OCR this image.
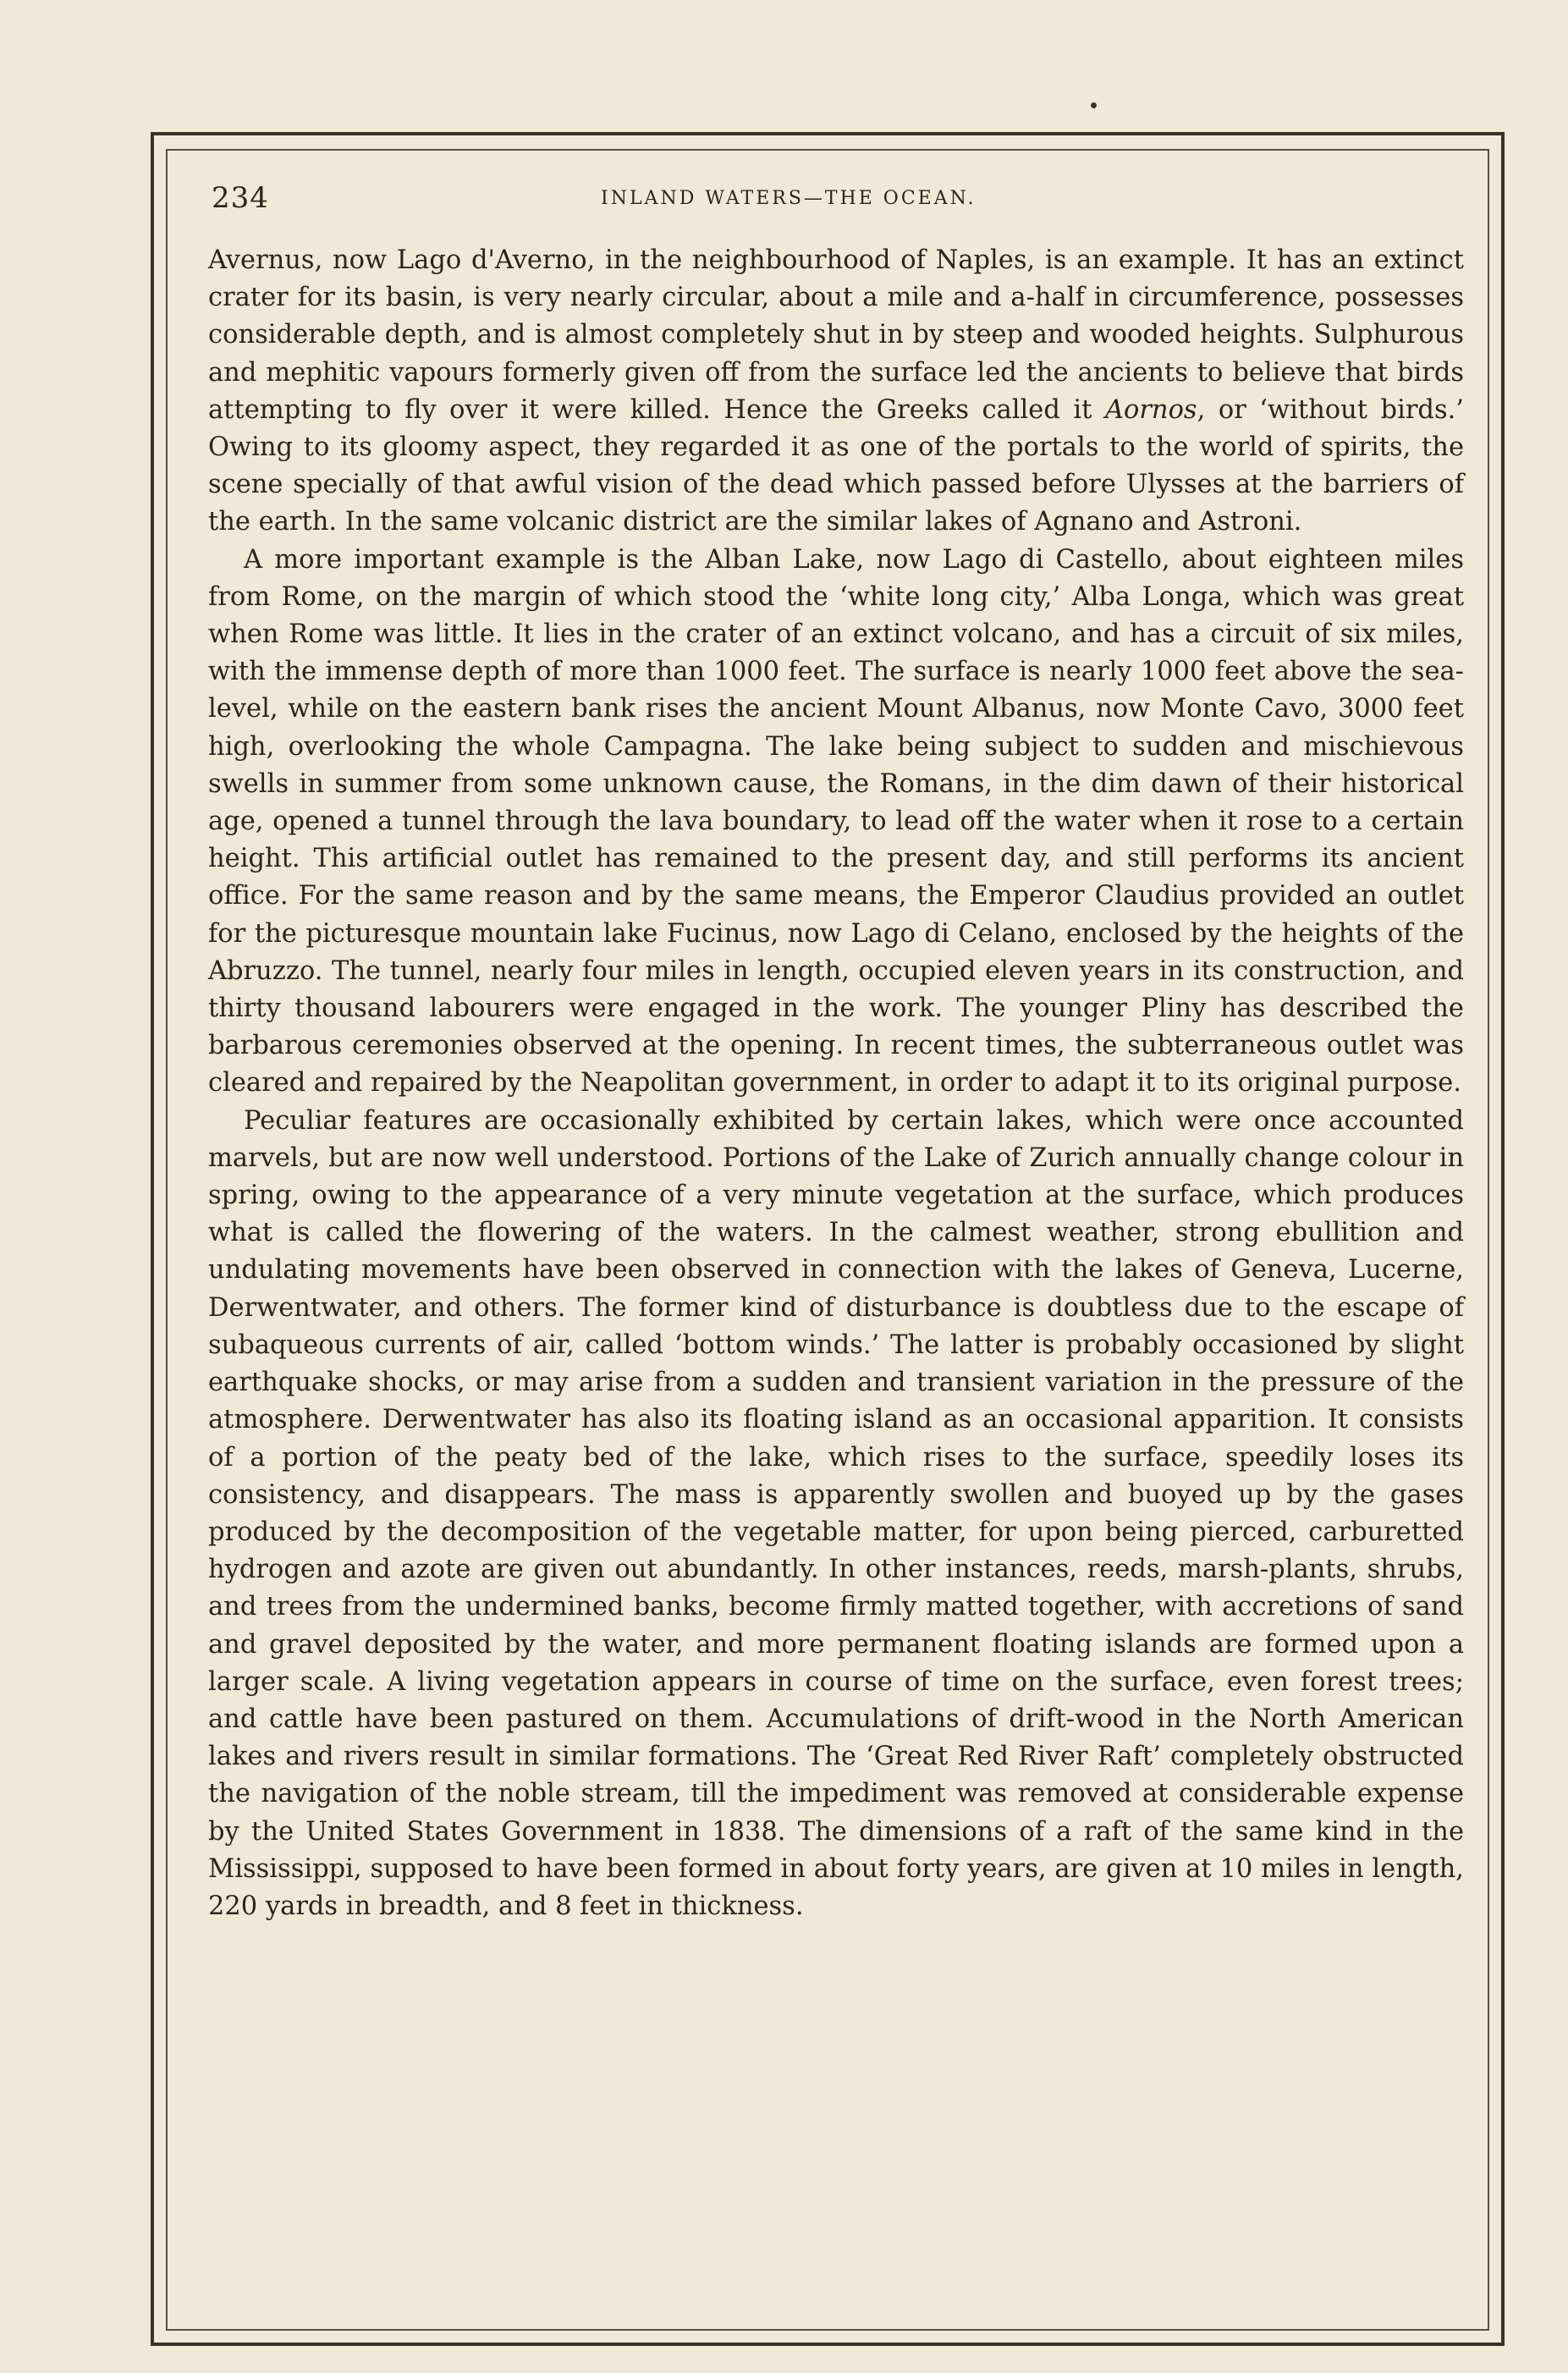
234	INLAND WATERS—THE OCEAN.

Avernus, now Lago d'Averno, in the neighbourhood of Naples, is an example. It has an extinct crater for its basin, is very nearly circular, about a mile and a-half in circumference, possesses considerable depth, and is almost completely shut in by steep and wooded heights. Sulphurous and mephitic vapours formerly given off from the surface led the ancients to believe that birds attempting to fly over it were killed. Hence the Greeks called it Aornos, or ‘without birds.’ Owing to its gloomy aspect, they regarded it as one of the portals to the world of spirits, the scene specially of that awful vision of the dead which passed before Ulysses at the barriers of the earth. In the same volcanic district are the similar lakes of Agnano and Astroni.

A more important example is the Alban Lake, now Lago di Castello, about eighteen miles from Rome, on the margin of which stood the ‘white long city,’ Alba Longa, which was great when Rome was little. It lies in the crater of an extinct volcano, and has a circuit of six miles, with the immense depth of more than 1000 feet. The surface is nearly 1000 feet above the sea-level, while on the eastern bank rises the ancient Mount Albanus, now Monte Cavo, 3000 feet high, overlooking the whole Campagna. The lake being subject to sudden and mischievous swells in summer from some unknown cause, the Romans, in the dim dawn of their historical age, opened a tunnel through the lava boundary, to lead off the water when it rose to a certain height. This artificial outlet has remained to the present day, and still performs its ancient office. For the same reason and by the same means, the Emperor Claudius provided an outlet for the picturesque mountain lake Fucinus, now Lago di Celano, enclosed by the heights of the Abruzzo. The tunnel, nearly four miles in length, occupied eleven years in its construction, and thirty thousand labourers were engaged in the work. The younger Pliny has described the barbarous ceremonies observed at the opening. In recent times, the subterraneous outlet was cleared and repaired by the Neapolitan government, in order to adapt it to its original purpose.

Peculiar features are occasionally exhibited by certain lakes, which were once accounted marvels, but are now well understood. Portions of the Lake of Zurich annually change colour in spring, owing to the appearance of a very minute vegetation at the surface, which produces what is called the flowering of the waters. In the calmest weather, strong ebullition and undulating movements have been observed in connection with the lakes of Geneva, Lucerne, Derwentwater, and others. The former kind of disturbance is doubtless due to the escape of subaqueous currents of air, called ‘bottom winds.’ The latter is probably occasioned by slight earthquake shocks, or may arise from a sudden and transient variation in the pressure of the atmosphere. Derwentwater has also its floating island as an occasional apparition. It consists of a portion of the peaty bed of the lake, which rises to the surface, speedily loses its consistency, and disappears. The mass is apparently swollen and buoyed up by the gases produced by the decomposition of the vegetable matter, for upon being pierced, carburetted hydrogen and azote are given out abundantly. In other instances, reeds, marsh-plants, shrubs, and trees from the undermined banks, become firmly matted together, with accretions of sand and gravel deposited by the water, and more permanent floating islands are formed upon a larger scale. A living vegetation appears in course of time on the surface, even forest trees; and cattle have been pastured on them. Accumulations of drift-wood in the North American lakes and rivers result in similar formations. The ‘Great Red River Raft’ completely obstructed the navigation of the noble stream, till the impediment was removed at considerable expense by the United States Government in 1838. The dimensions of a raft of the same kind in the Mississippi, supposed to have been formed in about forty years, are given at 10 miles in length, 220 yards in breadth, and 8 feet in thickness.
